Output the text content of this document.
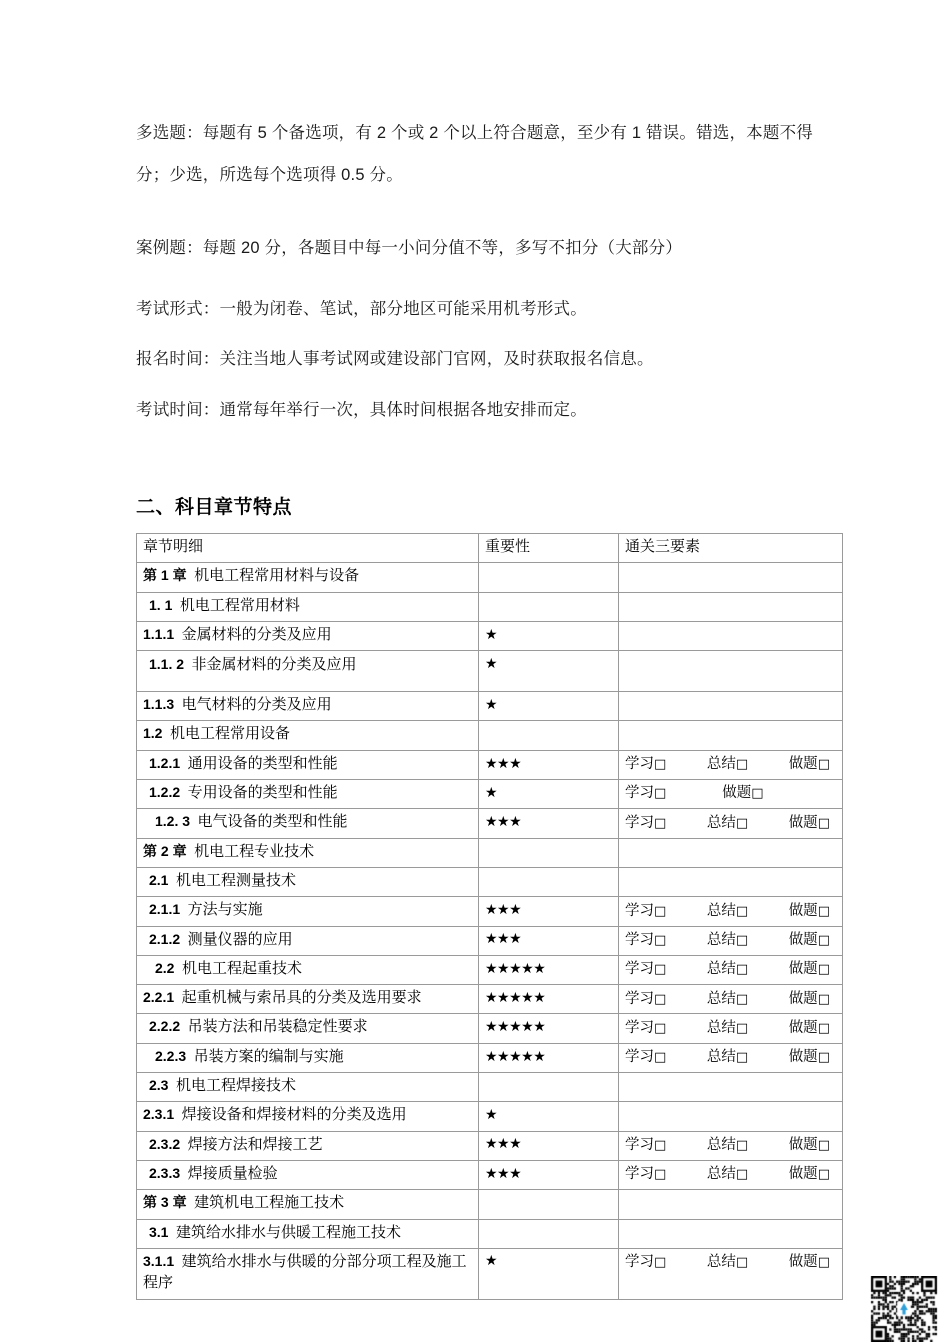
多选题：每题有 5 个备选项，有 2 个或 2 个以上符合题意，至少有 1 错误。错选，本题不得分；少选，所选每个选项得 0.5 分。
案例题：每题 20 分，各题目中每一小问分值不等，多写不扣分（大部分）
考试形式：一般为闭卷、笔试，部分地区可能采用机考形式。
报名时间：关注当地人事考试网或建设部门官网，及时获取报名信息。
考试时间：通常每年举行一次，具体时间根据各地安排而定。
二、科目章节特点
章节明细	重要性	通关三要素

第 1 章  机电工程常用材料与设备		

1. 1  机电工程常用材料		

1.1.1  金属材料的分类及应用	★	

1.1. 2  非金属材料的分类及应用	★	

1.1.3  电气材料的分类及应用	★	

1.2  机电工程常用设备		

1.2.1  通用设备的类型和性能	★★★	学习□ 总结□ 做题□

1.2.2  专用设备的类型和性能	★	学习□ 做题□

1.2. 3  电气设备的类型和性能	★★★	学习□ 总结□ 做题□

第 2 章  机电工程专业技术		

2.1  机电工程测量技术		

2.1.1  方法与实施	★★★	学习□ 总结□ 做题□

2.1.2  测量仪器的应用	★★★	学习□ 总结□ 做题□

2.2  机电工程起重技术	★★★★★	学习□ 总结□ 做题□

2.2.1  起重机械与索吊具的分类及选用要求	★★★★★	学习□ 总结□ 做题□

2.2.2  吊装方法和吊装稳定性要求	★★★★★	学习□ 总结□ 做题□

2.2.3  吊装方案的编制与实施	★★★★★	学习□ 总结□ 做题□

2.3  机电工程焊接技术		

2.3.1  焊接设备和焊接材料的分类及选用	★	

2.3.2  焊接方法和焊接工艺	★★★	学习□ 总结□ 做题□

2.3.3  焊接质量检验	★★★	学习□ 总结□ 做题□

第 3 章  建筑机电工程施工技术		

3.1  建筑给水排水与供暖工程施工技术		

3.1.1  建筑给水排水与供暖的分部分项工程及施工程序	★	学习□ 总结□ 做题□
